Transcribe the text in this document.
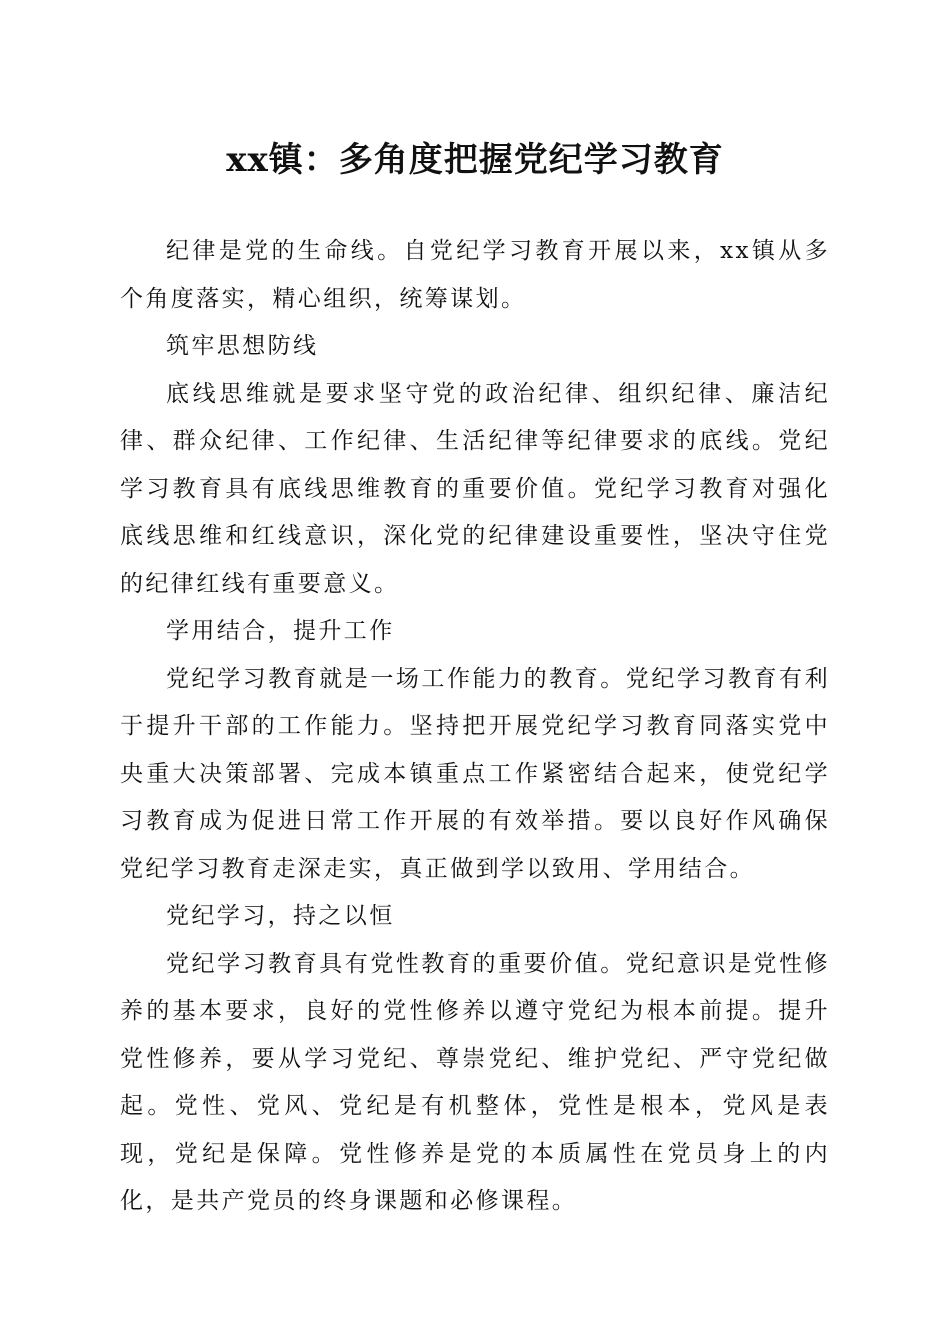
xx镇：多角度把握党纪学习教育

纪律是党的生命线。自党纪学习教育开展以来，xx镇从多个角度落实，精心组织，统筹谋划。

筑牢思想防线

底线思维就是要求坚守党的政治纪律、组织纪律、廉洁纪律、群众纪律、工作纪律、生活纪律等纪律要求的底线。党纪学习教育具有底线思维教育的重要价值。党纪学习教育对强化底线思维和红线意识，深化党的纪律建设重要性，坚决守住党的纪律红线有重要意义。

学用结合，提升工作

党纪学习教育就是一场工作能力的教育。党纪学习教育有利于提升干部的工作能力。坚持把开展党纪学习教育同落实党中央重大决策部署、完成本镇重点工作紧密结合起来，使党纪学习教育成为促进日常工作开展的有效举措。要以良好作风确保党纪学习教育走深走实，真正做到学以致用、学用结合。

党纪学习，持之以恒

党纪学习教育具有党性教育的重要价值。党纪意识是党性修养的基本要求，良好的党性修养以遵守党纪为根本前提。提升党性修养，要从学习党纪、尊崇党纪、维护党纪、严守党纪做起。党性、党风、党纪是有机整体，党性是根本，党风是表现，党纪是保障。党性修养是党的本质属性在党员身上的内化，是共产党员的终身课题和必修课程。
